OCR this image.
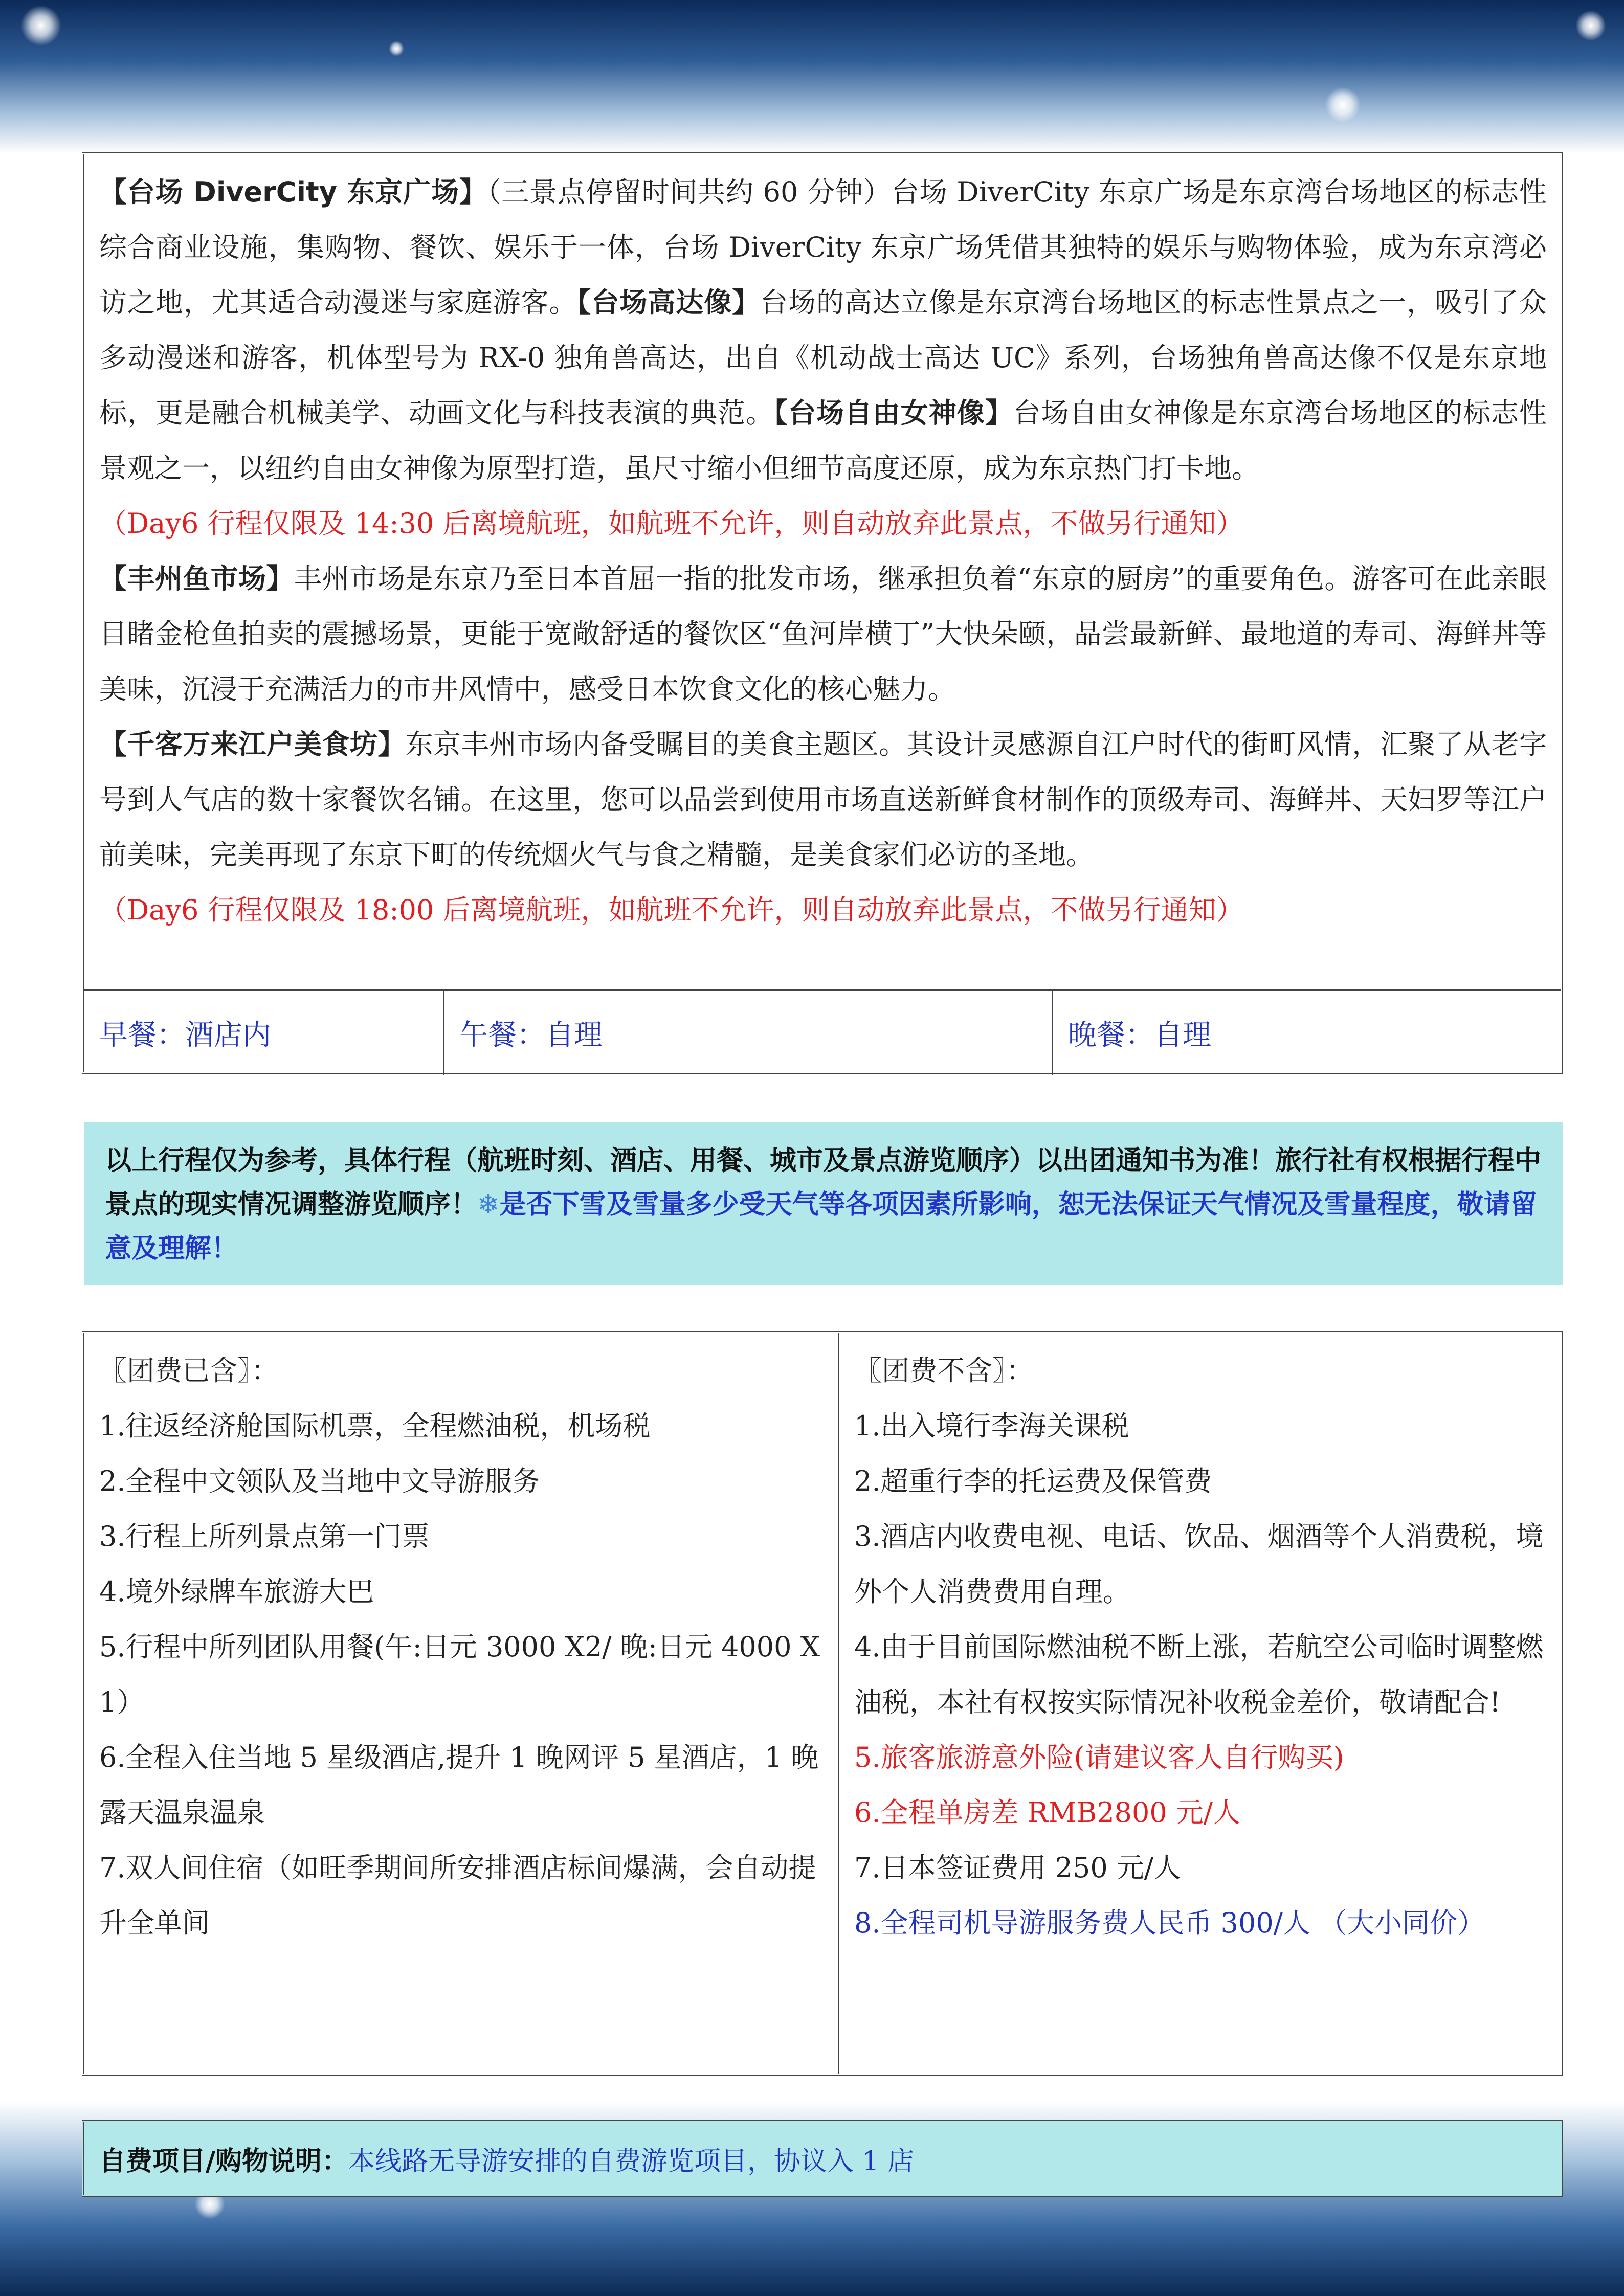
【台场 DiverCity 东京广场】（三景点停留时间共约 60 分钟）台场 DiverCity 东京广场是东京湾台场地区的标志性综合商业设施，集购物、餐饮、娱乐于一体，台场 DiverCity 东京广场凭借其独特的娱乐与购物体验，成为东京湾必访之地，尤其适合动漫迷与家庭游客。【台场高达像】台场的高达立像是东京湾台场地区的标志性景点之一，吸引了众多动漫迷和游客，机体型号为 RX-0 独角兽高达，出自《机动战士高达 UC》系列，台场独角兽高达像不仅是东京地标，更是融合机械美学、动画文化与科技表演的典范。【台场自由女神像】台场自由女神像是东京湾台场地区的标志性景观之一，以纽约自由女神像为原型打造，虽尺寸缩小但细节高度还原，成为东京热门打卡地。

（Day6 行程仅限及 14:30 后离境航班，如航班不允许，则自动放弃此景点，不做另行通知）

【丰州鱼市场】丰州市场是东京乃至日本首屈一指的批发市场，继承担负着“东京的厨房”的重要角色。游客可在此亲眼目睹金枪鱼拍卖的震撼场景，更能于宽敞舒适的餐饮区“鱼河岸横丁”大快朵颐，品尝最新鲜、最地道的寿司、海鲜丼等美味，沉浸于充满活力的市井风情中，感受日本饮食文化的核心魅力。

【千客万来江户美食坊】东京丰州市场内备受瞩目的美食主题区。其设计灵感源自江户时代的街町风情，汇聚了从老字号到人气店的数十家餐饮名铺。在这里，您可以品尝到使用市场直送新鲜食材制作的顶级寿司、海鲜丼、天妇罗等江户前美味，完美再现了东京下町的传统烟火气与食之精髓，是美食家们必访的圣地。

（Day6 行程仅限及 18:00 后离境航班，如航班不允许，则自动放弃此景点，不做另行通知）

早餐：酒店内	午餐：自理	晚餐：自理
以上行程仅为参考，具体行程（航班时刻、酒店、用餐、城市及景点游览顺序）以出团通知书为准！旅行社有权根据行程中景点的现实情况调整游览顺序！❄是否下雪及雪量多少受天气等各项因素所影响，恕无法保证天气情况及雪量程度，敬请留意及理解！
〖团费已含〗：
1.往返经济舱国际机票，全程燃油税，机场税
2.全程中文领队及当地中文导游服务
3.行程上所列景点第一门票
4.境外绿牌车旅游大巴
5.行程中所列团队用餐(午:日元 3000 X2/ 晚:日元 4000 X 1）
6.全程入住当地 5 星级酒店,提升 1 晚网评 5 星酒店，1 晚露天温泉温泉
7.双人间住宿（如旺季期间所安排酒店标间爆满，会自动提升全单间
〖团费不含〗：
1.出入境行李海关课税
2.超重行李的托运费及保管费
3.酒店内收费电视、电话、饮品、烟酒等个人消费税，境外个人消费费用自理。
4.由于目前国际燃油税不断上涨，若航空公司临时调整燃油税，本社有权按实际情况补收税金差价，敬请配合!
5.旅客旅游意外险(请建议客人自行购买)
6.全程单房差 RMB2800 元/人
7.日本签证费用 250 元/人
8.全程司机导游服务费人民币 300/人 （大小同价）
自费项目/购物说明： 本线路无导游安排的自费游览项目，协议入 1 店
